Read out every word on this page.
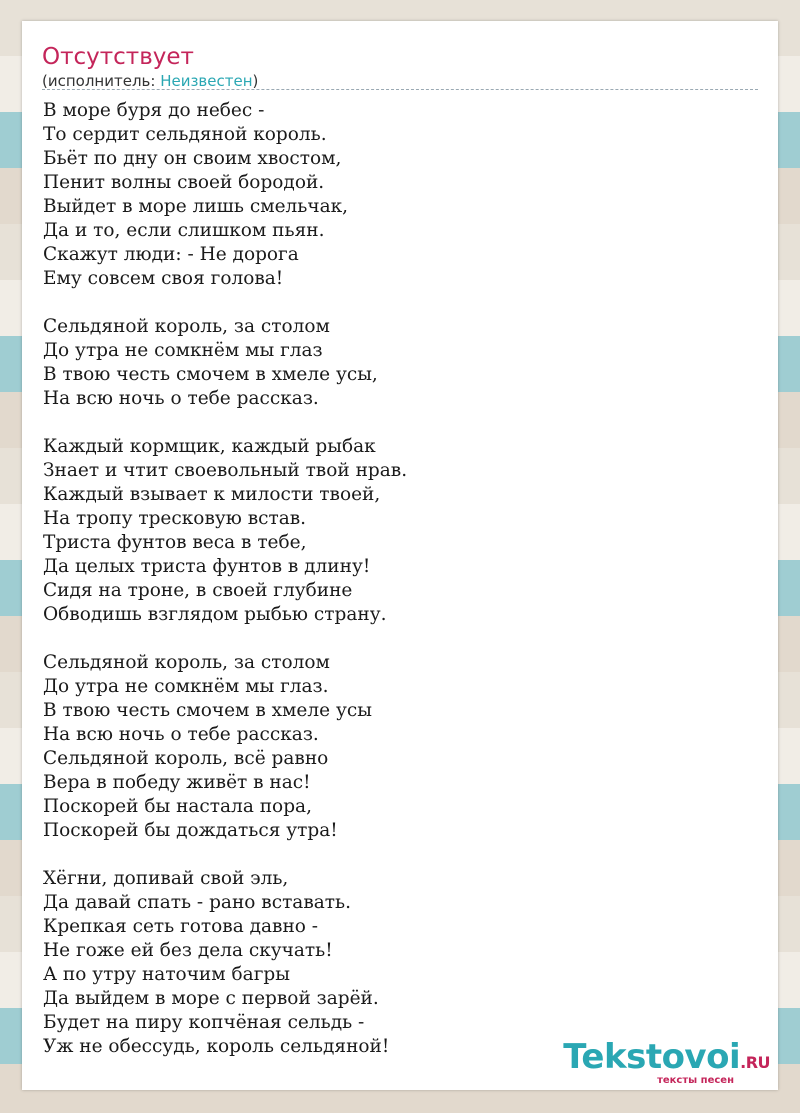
Отсутствует
(исполнитель: Неизвестен)
В море буря до небес -
То сердит сельдяной король.
Бьёт по дну он своим хвостом,
Пенит волны своей бородой.
Выйдет в море лишь смельчак,
Да и то, если слишком пьян.
Скажут люди: - Не дорога
Ему совсем своя голова!
Сельдяной король, за столом
До утра не сомкнём мы глаз
В твою честь смочем в хмеле усы,
На всю ночь о тебе рассказ.
Каждый кормщик, каждый рыбак
Знает и чтит своевольный твой нрав.
Каждый взывает к милости твоей,
На тропу тресковую встав.
Триста фунтов веса в тебе,
Да целых триста фунтов в длину!
Сидя на троне, в своей глубине
Обводишь взглядом рыбью страну.
Сельдяной король, за столом
До утра не сомкнём мы глаз.
В твою честь смочем в хмеле усы
На всю ночь о тебе рассказ.
Сельдяной король, всё равно
Вера в победу живёт в нас!
Поскорей бы настала пора,
Поскорей бы дождаться утра!
Хёгни, допивай свой эль,
Да давай спать - рано вставать.
Крепкая сеть готова давно -
Не гоже ей без дела скучать!
А по утру наточим багры
Да выйдем в море с первой зарёй.
Будет на пиру копчёная сельдь -
Уж не обессудь, король сельдяной!	Tekstovoi.RU
тексты песен
